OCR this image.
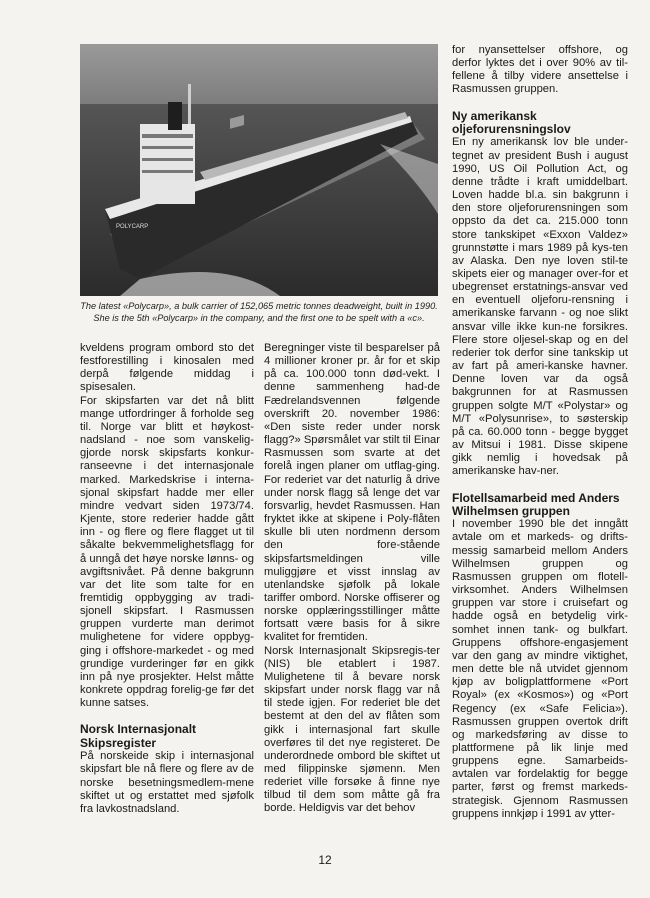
POLYCARP
The latest «Polycarp», a bulk carrier of 152,065 metric tonnes deadweight, built in 1990. She is the 5th «Polycarp» in the company, and the first one to be spelt with a «c».

kveldens program ombord sto det festforestilling i kinosalen med derpå følgende middag i spisesalen.

For skipsfarten var det nå blitt mange utfordringer å forholde seg til. Norge var blitt et høykost-nadsland - noe som vanskelig-gjorde norsk skipsfarts konkur-ranseevne i det internasjonale marked. Markedskrise i interna-sjonal skipsfart hadde mer eller mindre vedvart siden 1973/74. Kjente, store rederier hadde gått inn - og flere og flere flagget ut til såkalte bekvemmelighetsflagg for å unngå det høye norske lønns- og avgiftsnivået. På denne bakgrunn var det lite som talte for en fremtidig oppbygging av tradi-sjonell skipsfart. I Rasmussen gruppen vurderte man derimot mulighetene for videre oppbyg-ging i offshore-markedet - og med grundige vurderinger før en gikk inn på nye prosjekter. Helst måtte konkrete oppdrag forelig-ge før det kunne satses.

Norsk Internasjonalt Skipsregister

På norskeide skip i internasjonal skipsfart ble nå flere og flere av de norske besetningsmedlem-mene skiftet ut og erstattet med sjøfolk fra lavkostnadsland.

Beregninger viste til besparelser på 4 millioner kroner pr. år for et skip på ca. 100.000 tonn død-vekt. I denne sammenheng had-de Fædrelandsvennen følgende overskrift 20. november 1986: «Den siste reder under norsk flagg?» Spørsmålet var stilt til Einar Rasmussen som svarte at det forelå ingen planer om utflag-ging. For rederiet var det naturlig å drive under norsk flagg så lenge det var forsvarlig, hevdet Rasmussen. Han fryktet ikke at skipene i Poly-flåten skulle bli uten nordmenn dersom den fore-stående skipsfartsmeldingen ville muliggjøre et visst innslag av utenlandske sjøfolk på lokale tariffer ombord. Norske offiserer og norske opplæringsstillinger måtte fortsatt være basis for å sikre kvalitet for fremtiden.

Norsk Internasjonalt Skipsregis-ter (NIS) ble etablert i 1987. Mulighetene til å bevare norsk skipsfart under norsk flagg var nå til stede igjen. For rederiet ble det bestemt at den del av flåten som gikk i internasjonal fart skulle overføres til det nye registeret. De underordnede ombord ble skiftet ut med filippinske sjømenn. Men rederiet ville forsøke å finne nye tilbud til dem som måtte gå fra borde. Heldigvis var det behov

for nyansettelser offshore, og derfor lyktes det i over 90% av til-fellene å tilby videre ansettelse i Rasmussen gruppen.

Ny amerikansk oljeforurensningslov

En ny amerikansk lov ble under-tegnet av president Bush i august 1990, US Oil Pollution Act, og denne trådte i kraft umiddelbart. Loven hadde bl.a. sin bakgrunn i den store oljeforurensningen som oppsto da det ca. 215.000 tonn store tankskipet «Exxon Valdez» grunnstøtte i mars 1989 på kys-ten av Alaska. Den nye loven stil-te skipets eier og manager over-for et ubegrenset erstatnings-ansvar ved en eventuell oljeforu-rensning i amerikanske farvann - og noe slikt ansvar ville ikke kun-ne forsikres. Flere store oljesel-skap og en del rederier tok derfor sine tankskip ut av fart på ameri-kanske havner. Denne loven var da også bakgrunnen for at Rasmussen gruppen solgte M/T «Polystar» og M/T «Polysunrise», to søsterskip på ca. 60.000 tonn - begge bygget av Mitsui i 1981. Disse skipene gikk nemlig i hovedsak på amerikanske hav-ner.

Flotellsamarbeid med Anders Wilhelmsen gruppen

I november 1990 ble det inngått avtale om et markeds- og drifts-messig samarbeid mellom Anders Wilhelmsen gruppen og Rasmussen gruppen om flotell-virksomhet. Anders Wilhelmsen gruppen var store i cruisefart og hadde også en betydelig virk-somhet innen tank- og bulkfart. Gruppens offshore-engasjement var den gang av mindre viktighet, men dette ble nå utvidet gjennom kjøp av boligplattformene «Port Royal» (ex «Kosmos») og «Port Regency (ex «Safe Felicia»). Rasmussen gruppen overtok drift og markedsføring av disse to plattformene på lik linje med gruppens egne. Samarbeids-avtalen var fordelaktig for begge parter, først og fremst markeds-strategisk. Gjennom Rasmussen gruppens innkjøp i 1991 av ytter-

12
